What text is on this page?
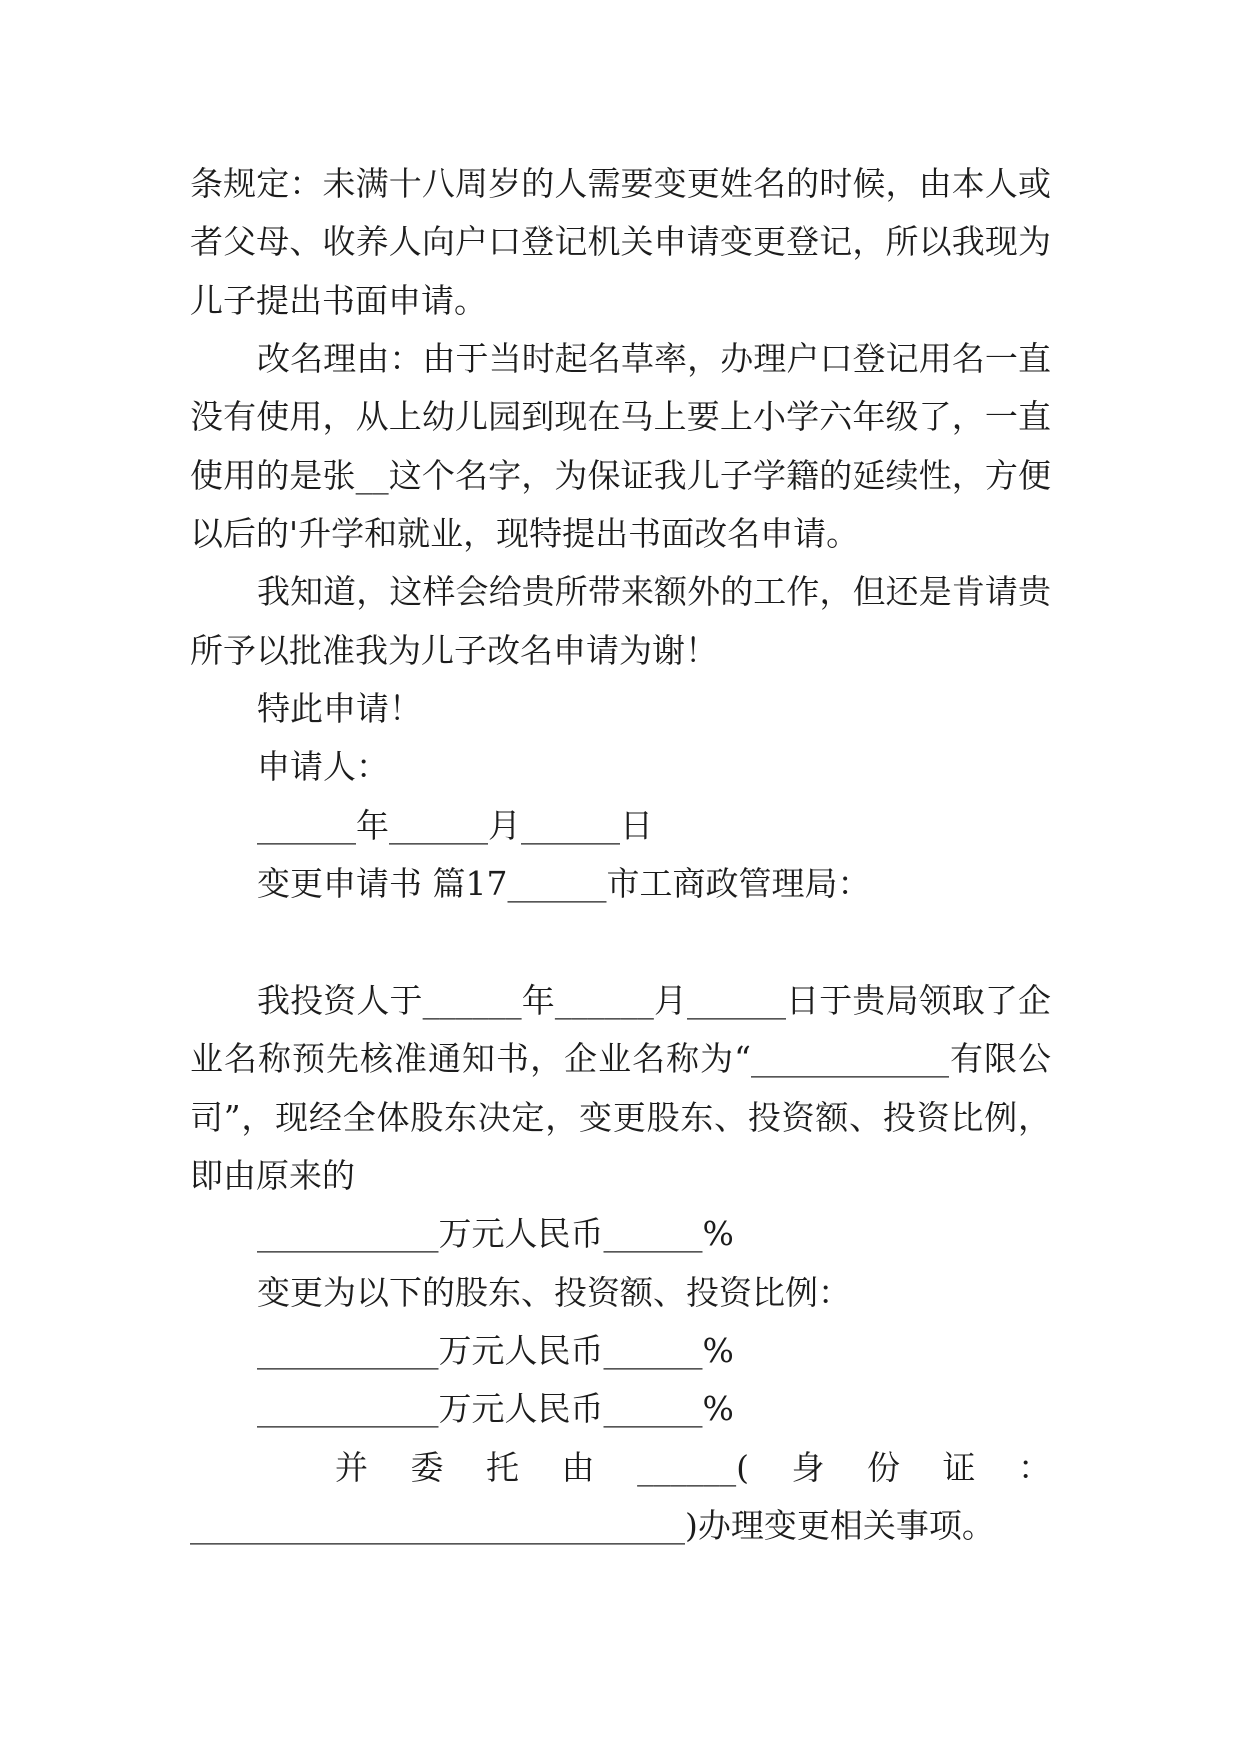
条规定：未满十八周岁的人需要变更姓名的时候，由本人或
者父母、收养人向户口登记机关申请变更登记，所以我现为
儿子提出书面申请。
改名理由：由于当时起名草率，办理户口登记用名一直
没有使用，从上幼儿园到现在马上要上小学六年级了，一直
使用的是张__这个名字，为保证我儿子学籍的延续性，方便
以后的'升学和就业，现特提出书面改名申请。
我知道，这样会给贵所带来额外的工作，但还是肯请贵
所予以批准我为儿子改名申请为谢！
特此申请！
申请人：
______年______月______日
变更申请书 篇17______市工商政管理局：
我投资人于______年______月______日于贵局领取了企
业名称预先核准通知书，企业名称为“____________有限公
司”，现经全体股东决定，变更股东、投资额、投资比例，
即由原来的
___________万元人民币______%
变更为以下的股东、投资额、投资比例：
___________万元人民币______%
___________万元人民币______%
并 委 托 由 ______( 身 份 证 ：
______________________________)办理变更相关事项。
